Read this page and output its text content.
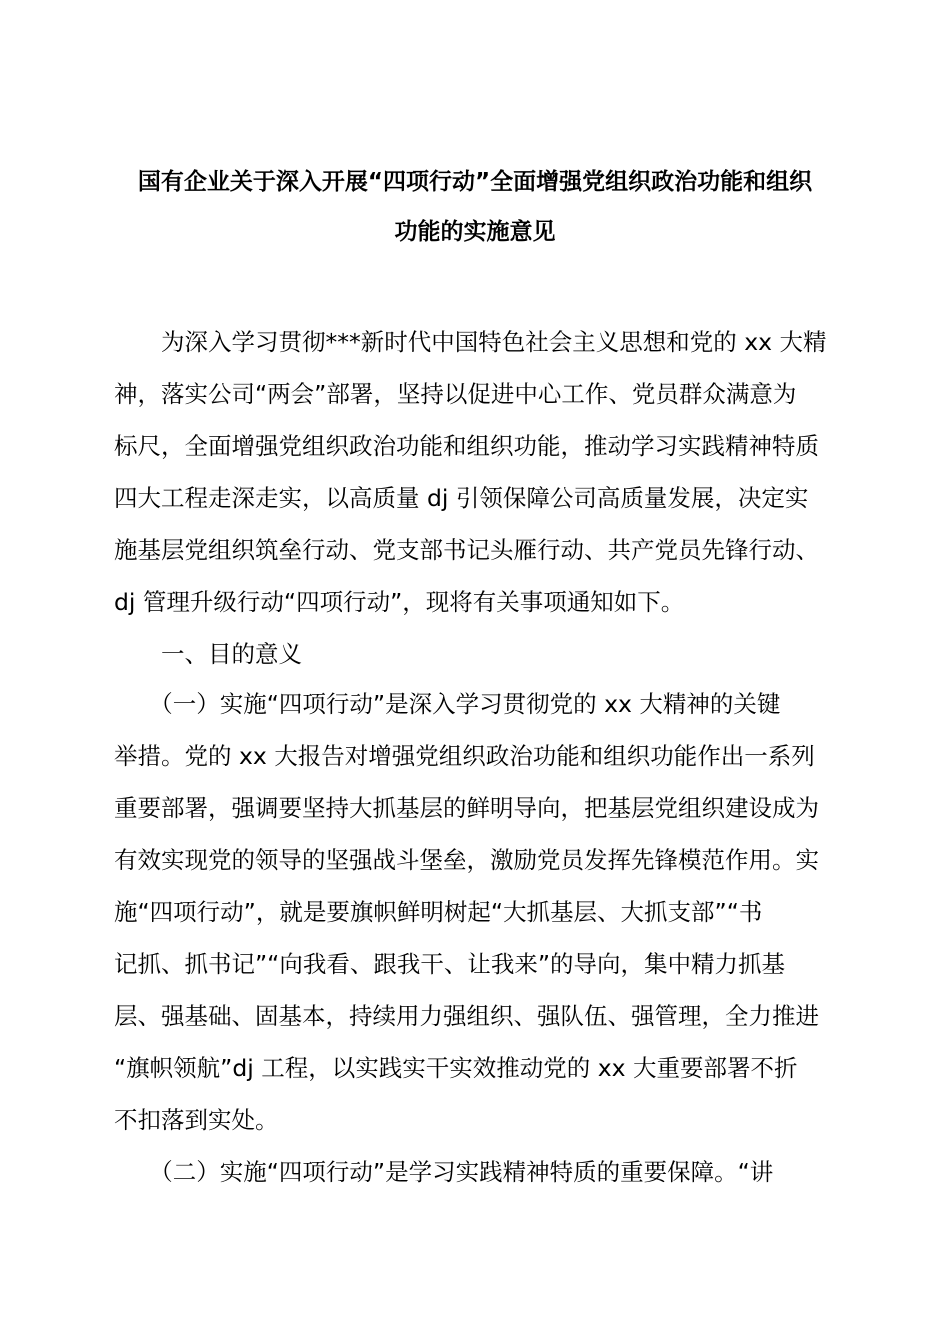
国有企业关于深入开展“四项行动”全面增强党组织政治功能和组织
功能的实施意见
　　为深入学习贯彻***新时代中国特色社会主义思想和党的 xx 大精
神，落实公司“两会”部署，坚持以促进中心工作、党员群众满意为
标尺，全面增强党组织政治功能和组织功能，推动学习实践精神特质
四大工程走深走实，以高质量 dj 引领保障公司高质量发展，决定实
施基层党组织筑垒行动、党支部书记头雁行动、共产党员先锋行动、
dj 管理升级行动“四项行动”，现将有关事项通知如下。
　　一、目的意义
　　（一）实施“四项行动”是深入学习贯彻党的 xx 大精神的关键
举措。党的 xx 大报告对增强党组织政治功能和组织功能作出一系列
重要部署，强调要坚持大抓基层的鲜明导向，把基层党组织建设成为
有效实现党的领导的坚强战斗堡垒，激励党员发挥先锋模范作用。实
施“四项行动”，就是要旗帜鲜明树起“大抓基层、大抓支部”“书
记抓、抓书记”“向我看、跟我干、让我来”的导向，集中精力抓基
层、强基础、固基本，持续用力强组织、强队伍、强管理，全力推进
“旗帜领航”dj 工程，以实践实干实效推动党的 xx 大重要部署不折
不扣落到实处。
　　（二）实施“四项行动”是学习实践精神特质的重要保障。“讲
